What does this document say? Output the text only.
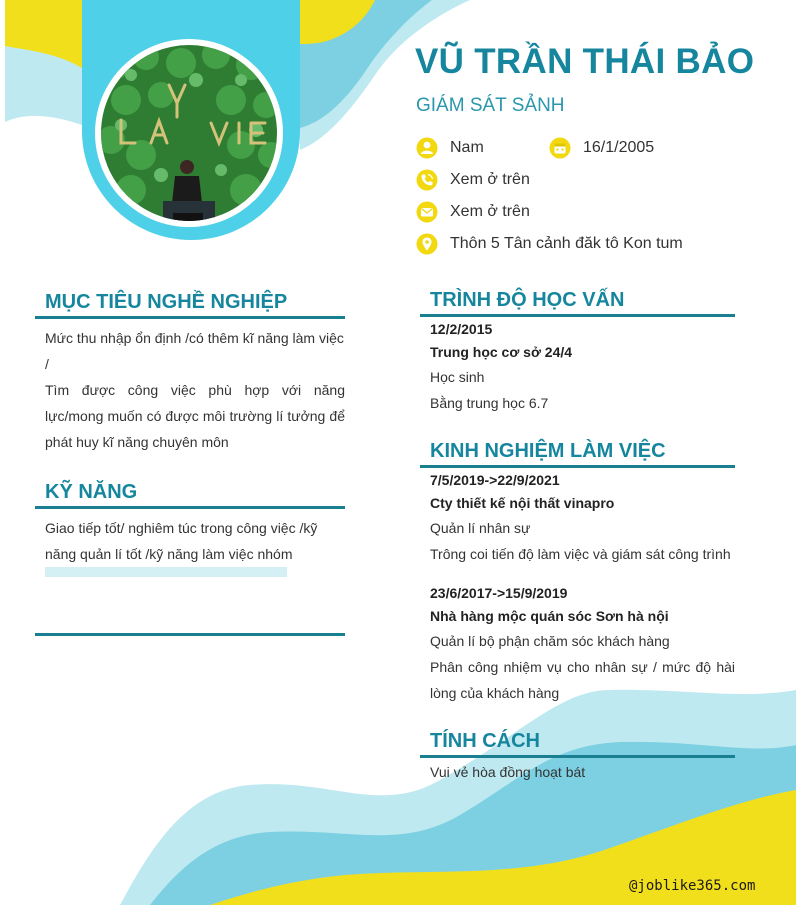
VŨ TRẦN THÁI BẢO
GIÁM SÁT SẢNH
Nam	16/1/2005
Xem ở trên
Xem ở trên
Thôn 5 Tân cảnh đăk tô Kon tum
MỤC TIÊU NGHỀ NGHIỆP
Mức thu nhập ổn định /có thêm kĩ năng làm việc /
Tìm được công việc phù hợp với năng lực/mong muốn có được môi trường lí tưởng để phát huy kĩ năng chuyên môn
KỸ NĂNG
Giao tiếp tốt/ nghiêm túc trong công việc /kỹ năng quản lí tốt /kỹ năng làm việc nhóm
TRÌNH ĐỘ HỌC VẤN
12/2/2015
Trung học cơ sở 24/4
Học sinh
Bằng trung học 6.7
KINH NGHIỆM LÀM VIỆC
7/5/2019->22/9/2021
Cty thiết kế nội thất vinapro
Quản lí nhân sự
Trông coi tiến độ làm việc và giám sát công trình
23/6/2017->15/9/2019
Nhà hàng mộc quán sóc Sơn hà nội
Quản lí bộ phận chăm sóc khách hàng
Phân công nhiệm vụ cho nhân sự / mức độ hài lòng của khách hàng
TÍNH CÁCH
Vui vẻ hòa đồng hoạt bát
@joblike365.com
